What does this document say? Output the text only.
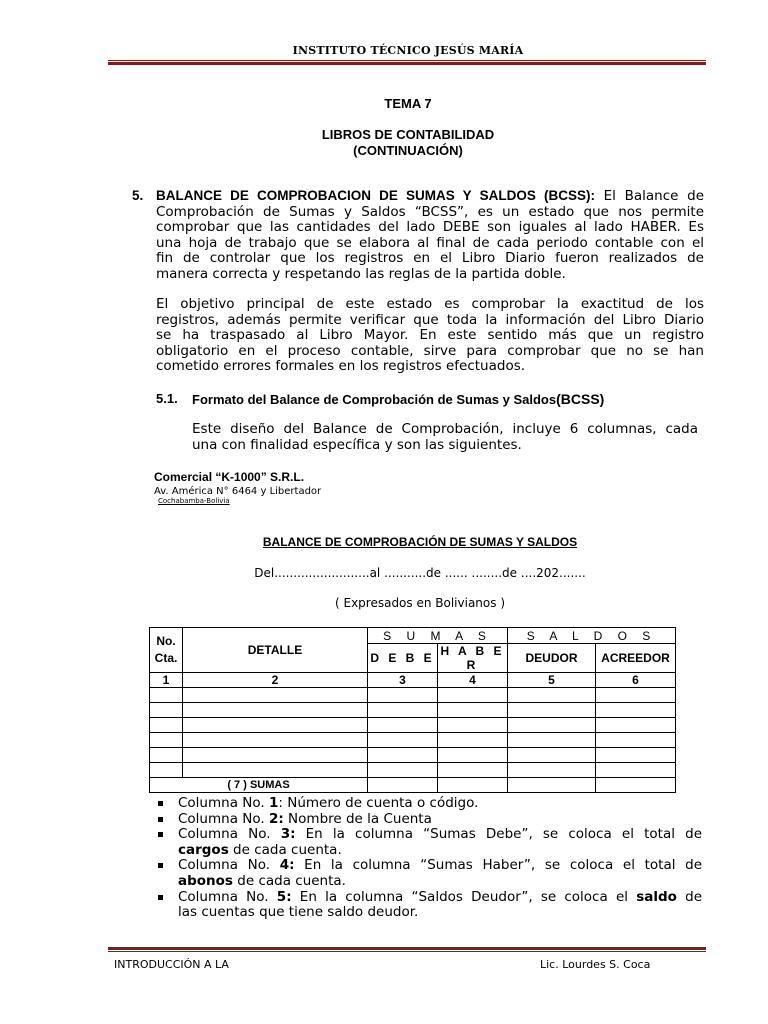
INSTITUTO TÉCNICO JESÚS MARÍA
TEMA 7
LIBROS DE CONTABILIDAD
(CONTINUACIÓN)
5. BALANCE DE COMPROBACION DE SUMAS Y SALDOS (BCSS): El Balance de
Comprobación de Sumas y Saldos “BCSS”, es un estado que nos permite
comprobar que las cantidades del lado DEBE son iguales al lado HABER. Es
una hoja de trabajo que se elabora al final de cada periodo contable con el
fin de controlar que los registros en el Libro Diario fueron realizados de
manera correcta y respetando las reglas de la partida doble.
El objetivo principal de este estado es comprobar la exactitud de los
registros, además permite verificar que toda la información del Libro Diario
se ha traspasado al Libro Mayor. En este sentido más que un registro
obligatorio en el proceso contable, sirve para comprobar que no se han
cometido errores formales en los registros efectuados.
5.1. Formato del Balance de Comprobación de Sumas y Saldos(BCSS)
Este diseño del Balance de Comprobación, incluye 6 columnas, cada
una con finalidad específica y son las siguientes.
Comercial “K-1000” S.R.L.
Av. América N° 6464 y Libertador
Cochabamba-Bolivia
BALANCE DE COMPROBACIÓN DE SUMAS Y SALDOS
Del.........................al ...........de ...... ........de ....202.......
( Expresados en Bolivianos )
No.
Cta.	DETALLE	S U M A S		S A L D O S	
		D E B E	H A B E R	DEUDOR	ACREEDOR
1	2	3	4	5	6

( 7 ) SUMAS					
Columna No. 1: Número de cuenta o código.
Columna No. 2: Nombre de la Cuenta
Columna No. 3: En la columna “Sumas Debe”, se coloca el total de
cargos de cada cuenta.
Columna No. 4: En la columna “Sumas Haber”, se coloca el total de
abonos de cada cuenta.
Columna No. 5: En la columna “Saldos Deudor”, se coloca el saldo de
las cuentas que tiene saldo deudor.
INTRODUCCIÓN A LA	Lic. Lourdes S. Coca
